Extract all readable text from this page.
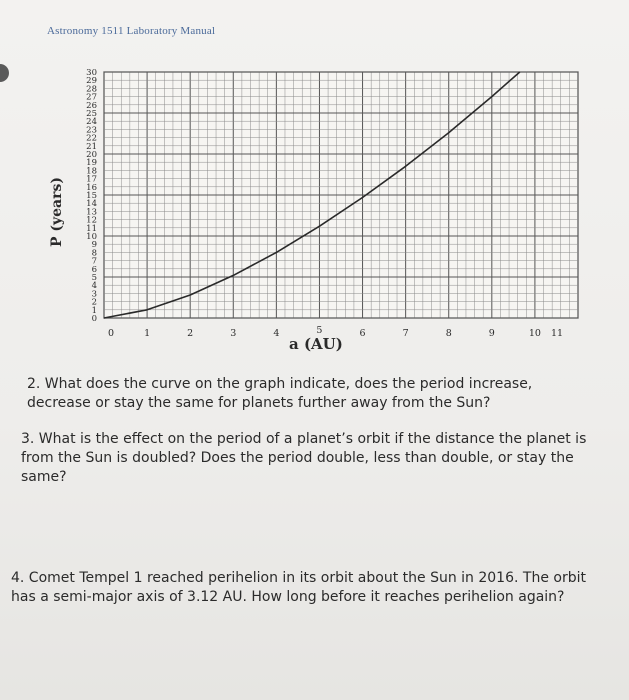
Astronomy 1511 Laboratory Manual
0
1
2
3
4
5
6
7
8
9
10
11
12
13
14
15
16
17
18
19
20
21
22
23
24
25
26
27
28
29
30
0	1	2	3	4	5	6	7	8	9	10 11
P (years)
a (AU)
2. What does the curve on the graph indicate, does the period increase, decrease or stay the same for planets further away from the Sun?
3. What is the effect on the period of a planet’s orbit if the distance the planet is from the Sun is doubled? Does the period double, less than double, or stay the same?
4. Comet Tempel 1 reached perihelion in its orbit about the Sun in 2016. The orbit has a semi-major axis of 3.12 AU. How long before it reaches perihelion again?
